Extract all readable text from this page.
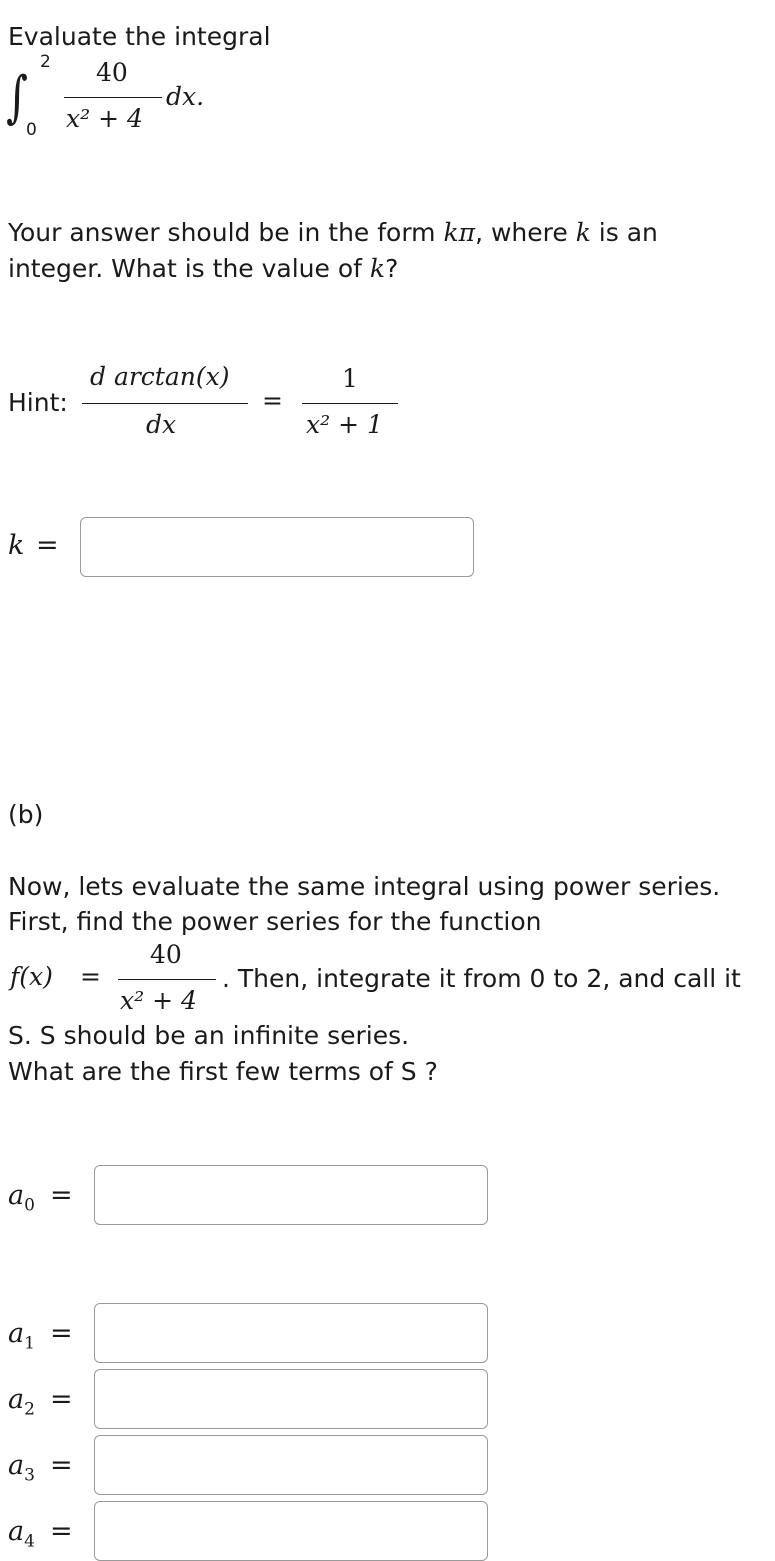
Evaluate the integral
∫
2
0
40
x² + 4
dx.
Your answer should be in the form kπ, where k is an
integer. What is the value of k?
Hint:
d arctan(x)
dx
=
1
x² + 1
k =
(b)
Now, lets evaluate the same integral using power series.
First, find the power series for the function
f(x) =
40
x² + 4
. Then, integrate it from 0 to 2, and call it
S. S should be an infinite series.
What are the first few terms of S ?
$a_0$ =
$a_1$ =
$a_2$ =
$a_3$ =
$a_4$ =
